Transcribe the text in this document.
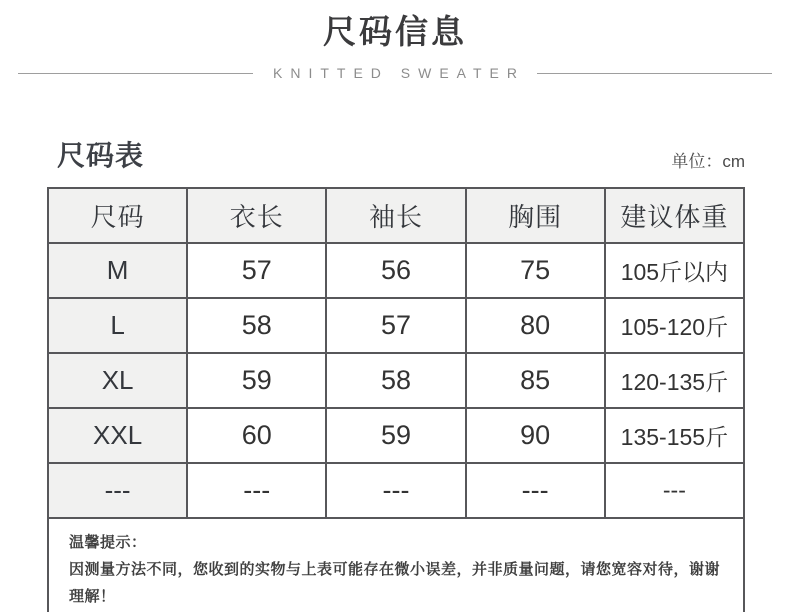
尺码信息
KNITTED SWEATER
尺码表	单位：cm
尺码	衣长	袖长	胸围	建议体重
M	57	56	75	105斤以内
L	58	57	80	105-120斤
XL	59	58	85	120-135斤
XXL	60	59	90	135-155斤
---	---	---	---	---

温馨提示：

因测量方法不同，您收到的实物与上表可能存在微小误差，并非质量问题，请您宽容对待，谢谢理解！				
